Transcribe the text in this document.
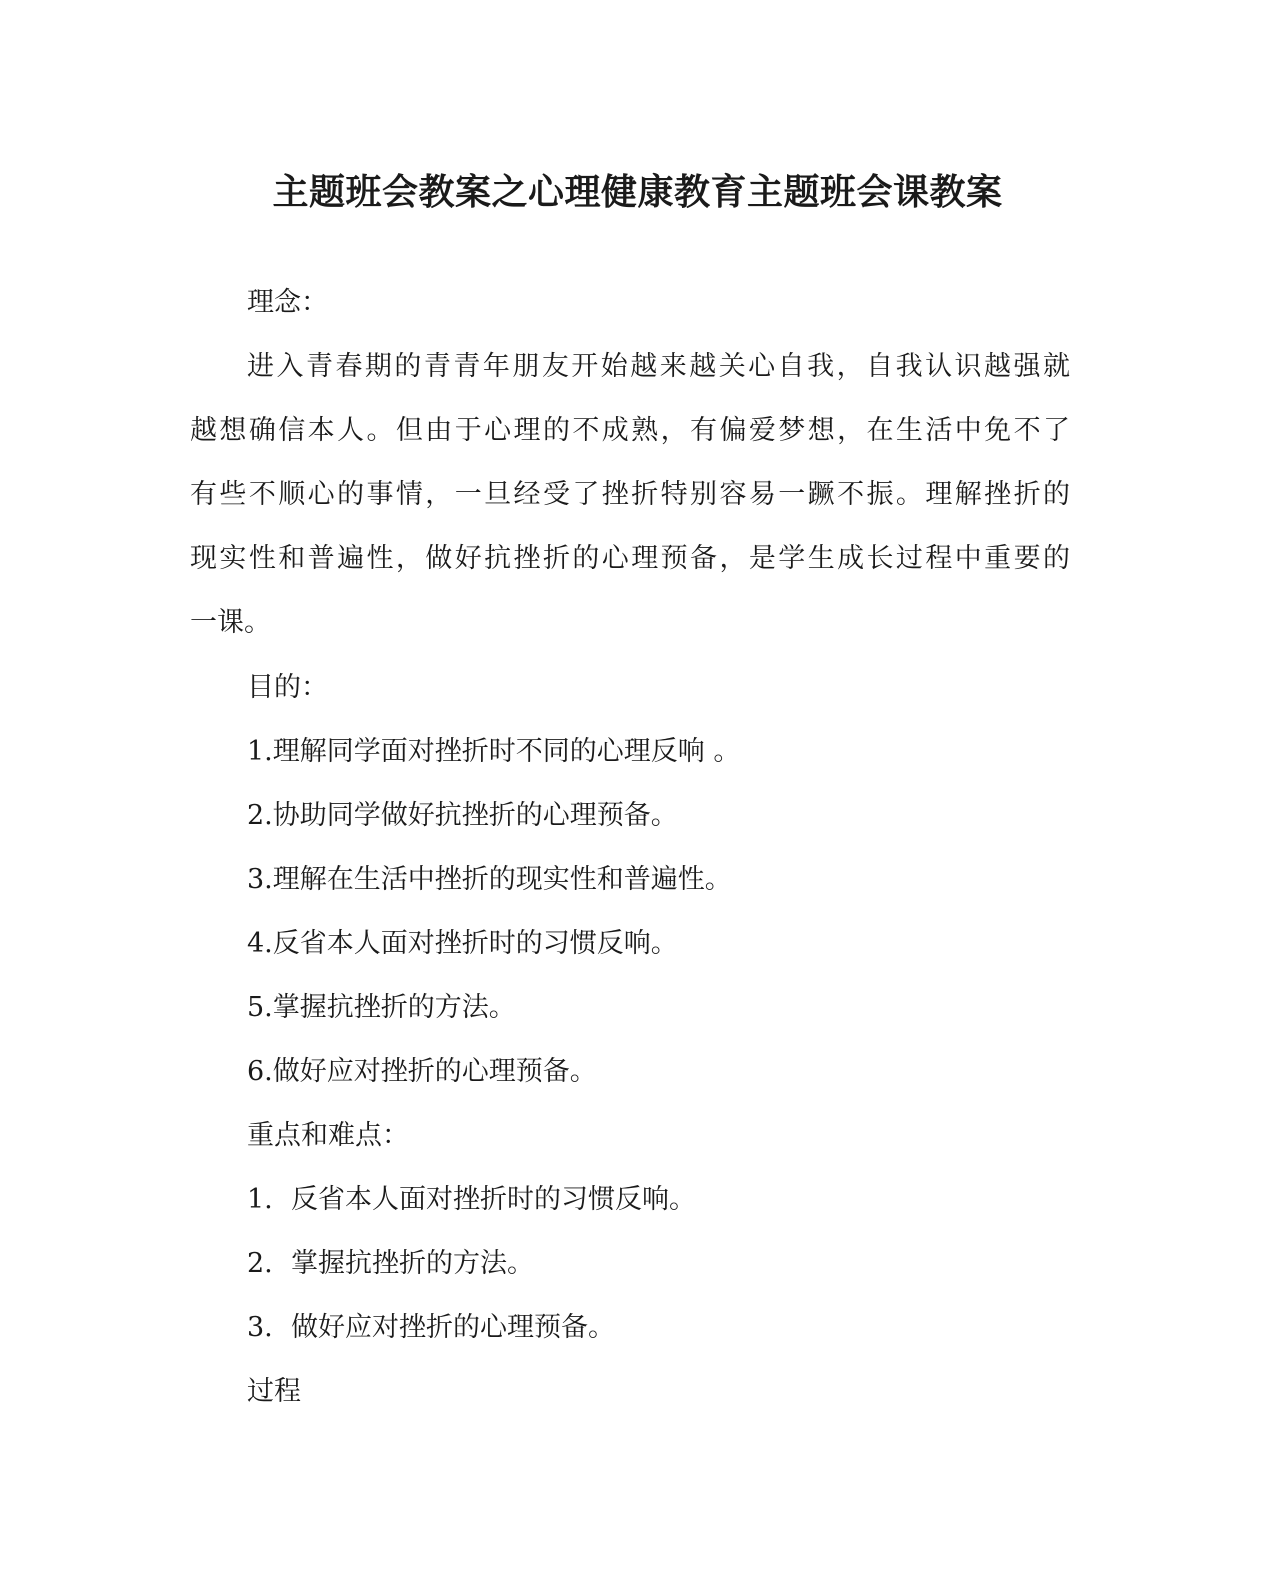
主题班会教案之心理健康教育主题班会课教案

理念：

进入青春期的青青年朋友开始越来越关心自我，自我认识越强就

越想确信本人。但由于心理的不成熟，有偏爱梦想，在生活中免不了

有些不顺心的事情，一旦经受了挫折特别容易一蹶不振。理解挫折的

现实性和普遍性，做好抗挫折的心理预备，是学生成长过程中重要的

一课。

目的：

1.理解同学面对挫折时不同的心理反响 。

2.协助同学做好抗挫折的心理预备。

3.理解在生活中挫折的现实性和普遍性。

4.反省本人面对挫折时的习惯反响。

5.掌握抗挫折的方法。

6.做好应对挫折的心理预备。

重点和难点：

1. 反省本人面对挫折时的习惯反响。

2. 掌握抗挫折的方法。

3. 做好应对挫折的心理预备。

过程
